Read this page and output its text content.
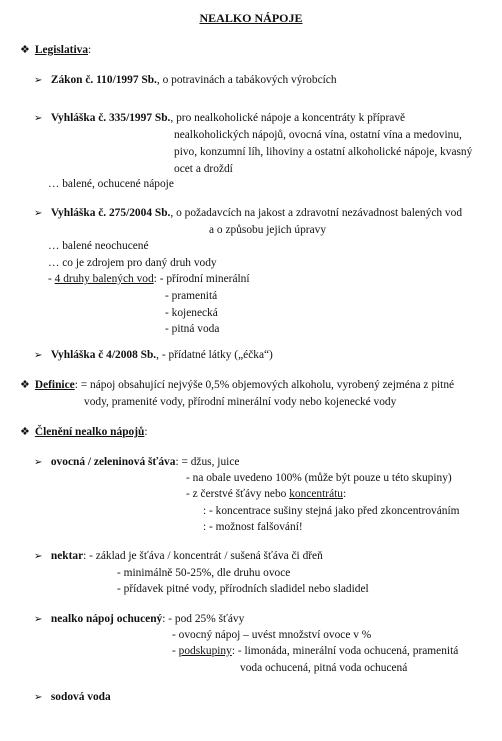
NEALKO NÁPOJE
❖ Legislativa:
➢ Zákon č. 110/1997 Sb., o potravinách a tabákových výrobcích
➢ Vyhláška č. 335/1997 Sb., pro nealkoholické nápoje a koncentráty k přípravě
nealkoholických nápojů, ovocná vína, ostatní vína a medovinu,
pivo, konzumní líh, lihoviny a ostatní alkoholické nápoje, kvasný
ocet a droždí
… balené, ochucené nápoje
➢ Vyhláška č. 275/2004 Sb., o požadavcích na jakost a zdravotní nezávadnost balených vod
a o způsobu jejich úpravy
… balené neochucené
… co je zdrojem pro daný druh vody
- 4 druhy balených vod: - přírodní minerální
- pramenitá
- kojenecká
- pitná voda
➢ Vyhláška č 4/2008 Sb., - přídatné látky („éčka“)
❖ Definice: = nápoj obsahující nejvýše 0,5% objemových alkoholu, vyrobený zejména z pitné
vody, pramenité vody, přírodní minerální vody nebo kojenecké vody
❖ Členění nealko nápojů:
➢ ovocná / zeleninová šťáva: = džus, juice
- na obale uvedeno 100% (může být pouze u této skupiny)
- z čerstvé šťávy nebo koncentrátu:
: - koncentrace sušiny stejná jako před zkoncentrováním
: - možnost falšování!
➢ nektar: - základ je šťáva / koncentrát / sušená šťáva či dřeň
- minimálně 50-25%, dle druhu ovoce
- přídavek pitné vody, přírodních sladidel nebo sladidel
➢ nealko nápoj ochucený: - pod 25% šťávy
- ovocný nápoj – uvést množství ovoce v %
- podskupiny: - limonáda, minerální voda ochucená, pramenitá
voda ochucená, pitná voda ochucená
➢ sodová voda
